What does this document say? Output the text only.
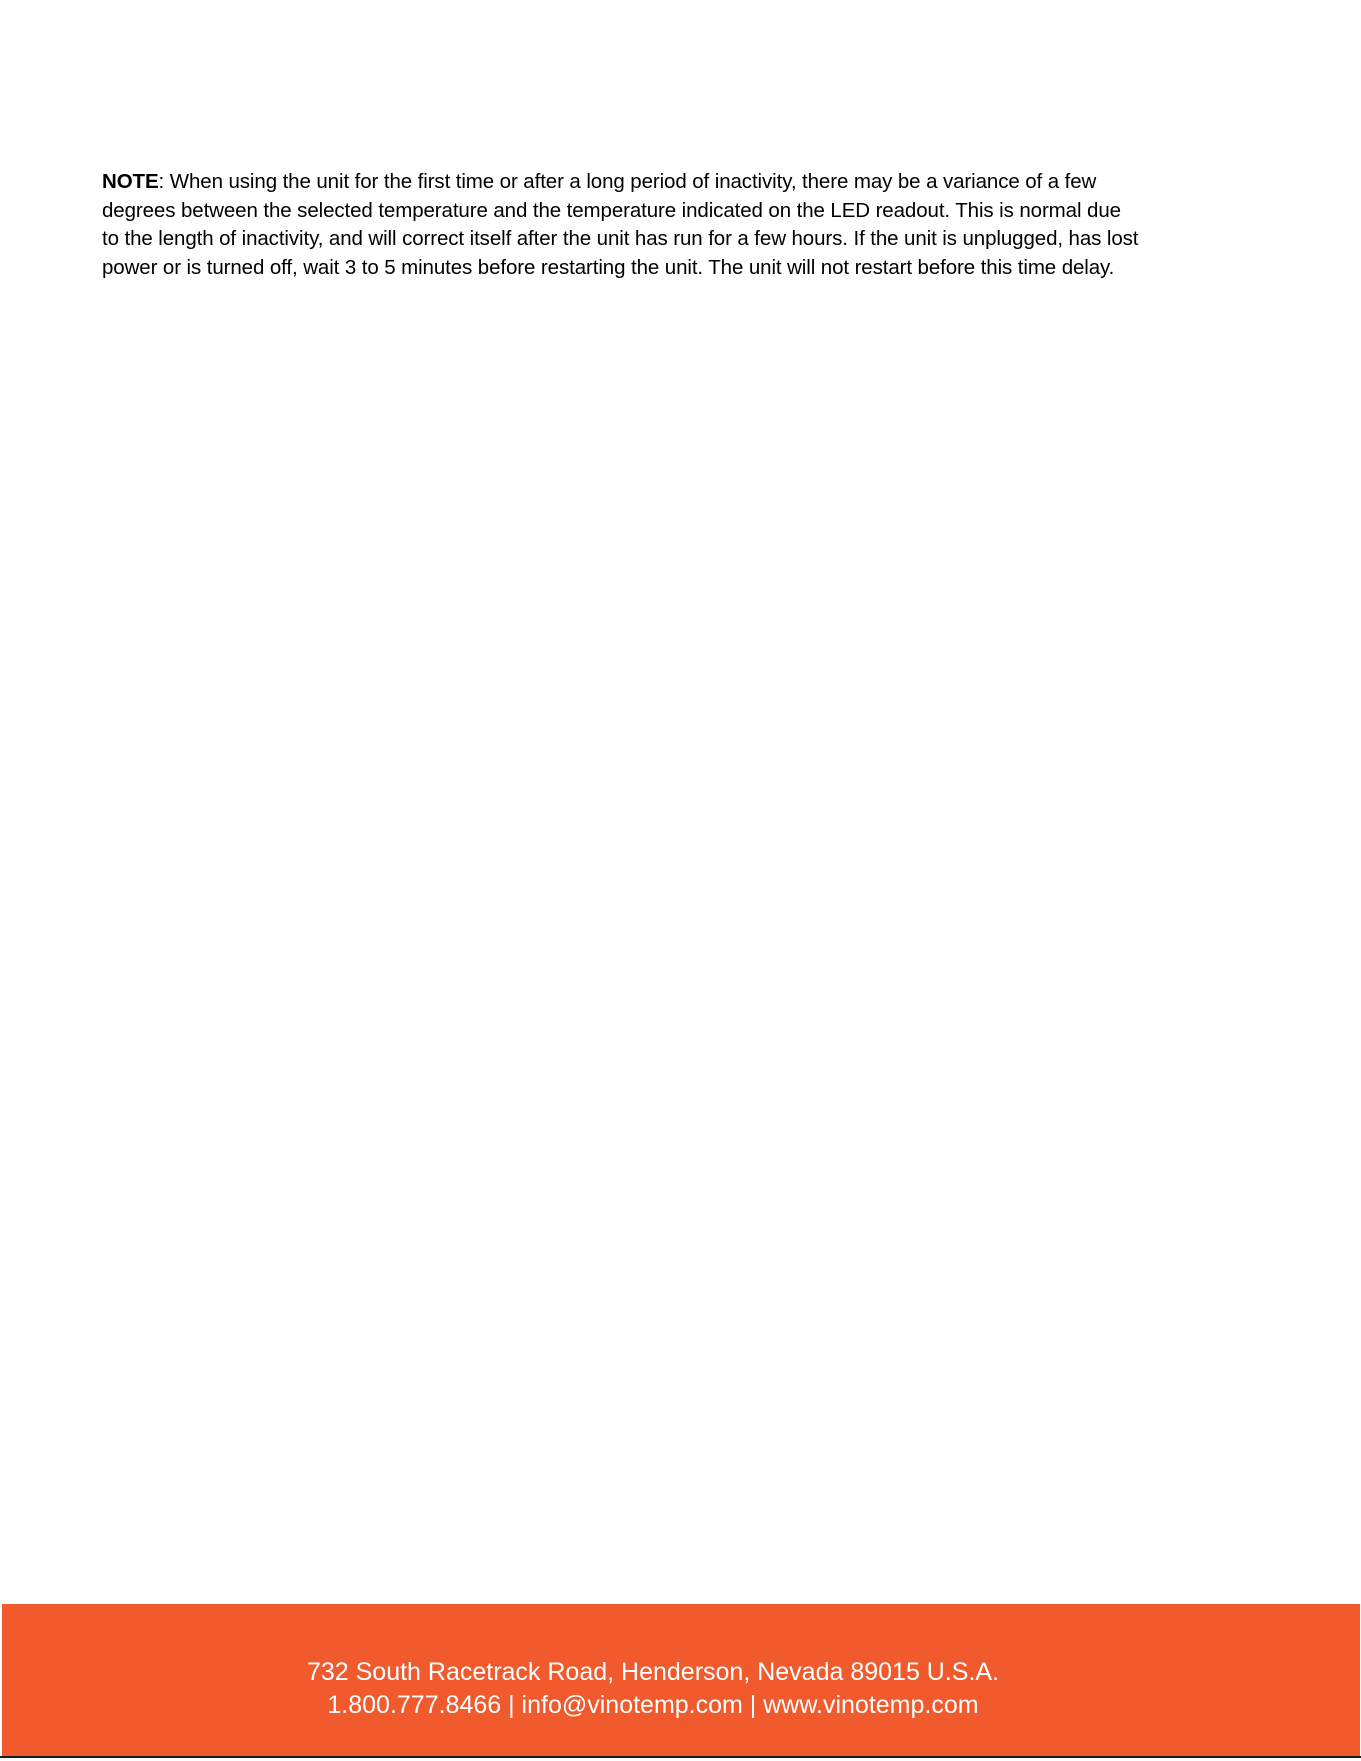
NOTE: When using the unit for the first time or after a long period of inactivity, there may be a variance of a few degrees between the selected temperature and the temperature indicated on the LED readout. This is normal due to the length of inactivity, and will correct itself after the unit has run for a few hours. If the unit is unplugged, has lost power or is turned off, wait 3 to 5 minutes before restarting the unit. The unit will not restart before this time delay.
732 South Racetrack Road, Henderson, Nevada 89015 U.S.A.
1.800.777.8466 | info@vinotemp.com | www.vinotemp.com
